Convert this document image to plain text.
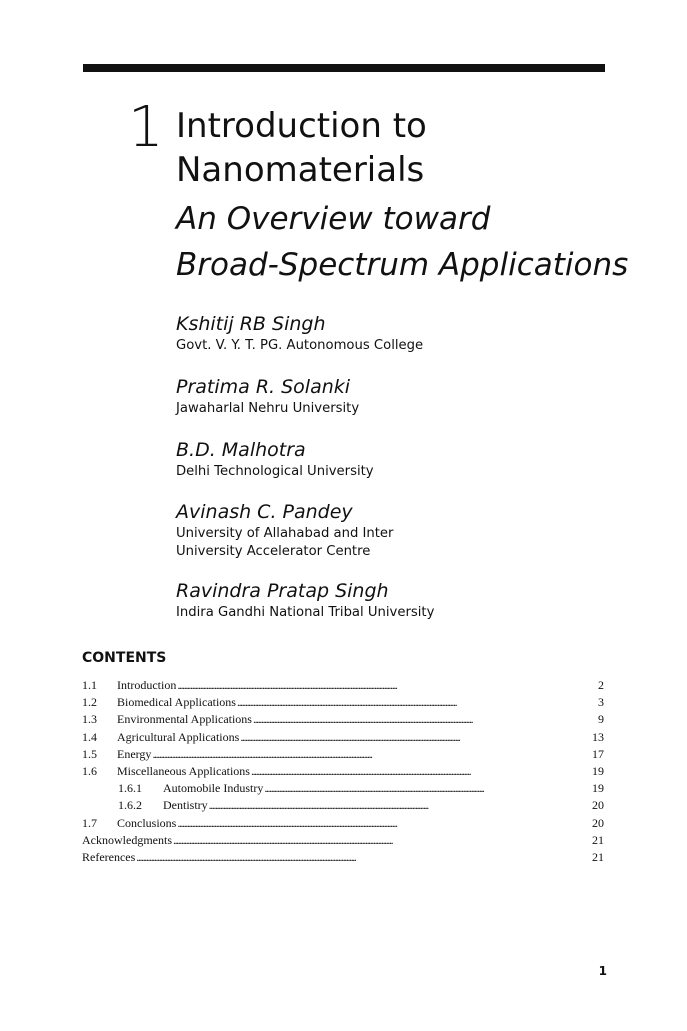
1 Introduction to
Nanomaterials
An Overview toward
Broad-Spectrum Applications
Kshitij RB Singh
Govt. V. Y. T. PG. Autonomous College
Pratima R. Solanki
Jawaharlal Nehru University
B.D. Malhotra
Delhi Technological University
Avinash C. Pandey
University of Allahabad and Inter
University Accelerator Centre
Ravindra Pratap Singh
Indira Gandhi National Tribal University
CONTENTS
1.1	Introduction . . .	2
1.2	Biomedical Applications . . .	3
1.3	Environmental Applications . . .	9
1.4	Agricultural Applications . . .	13
1.5	Energy . . .	17
1.6	Miscellaneous Applications . . .	19
1.6.1	Automobile Industry . . .	19
1.6.2	Dentistry . . .	20
1.7	Conclusions . . .	20
Acknowledgments . . .	21
References . . .	21
1
